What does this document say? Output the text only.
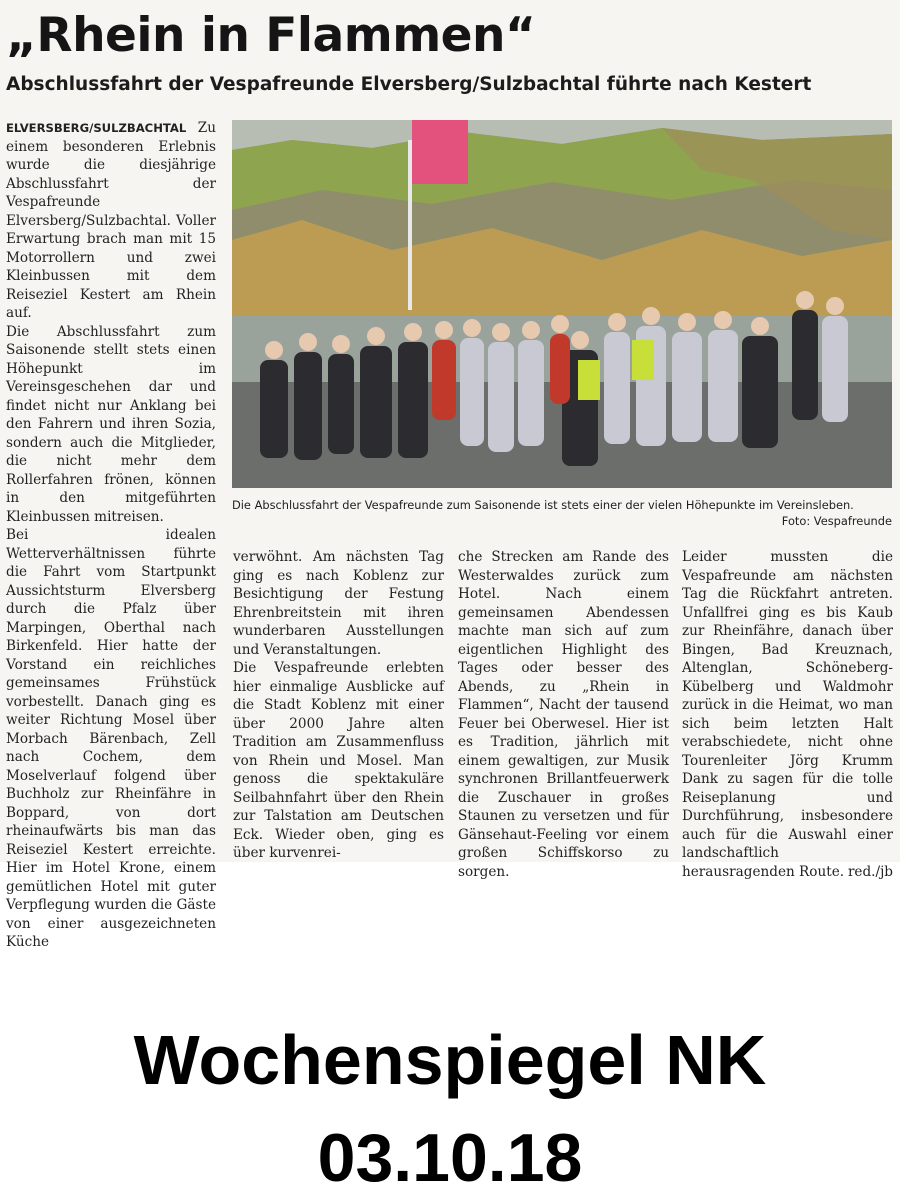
„Rhein in Flammen“
Abschlussfahrt der Vespafreunde Elversberg/Sulzbachtal führte nach Kestert

ELVERSBERG/SULZBACHTAL Zu einem besonderen Erlebnis wurde die diesjährige Abschlussfahrt der Vespafreunde Elversberg/Sulzbachtal. Voller Erwartung brach man mit 15 Motorrollern und zwei Kleinbussen mit dem Reiseziel Kestert am Rhein auf.

Die Abschlussfahrt zum Saisonende stellt stets einen Höhepunkt im Vereinsgeschehen dar und findet nicht nur Anklang bei den Fahrern und ihren Sozia, sondern auch die Mitglieder, die nicht mehr dem Rollerfahren frönen, können in den mitgeführten Kleinbussen mitreisen.

Bei idealen Wetterverhältnissen führte die Fahrt vom Startpunkt Aussichtsturm Elversberg durch die Pfalz über Marpingen, Oberthal nach Birkenfeld. Hier hatte der Vorstand ein reichliches gemeinsames Frühstück vorbestellt. Danach ging es weiter Richtung Mosel über Morbach Bärenbach, Zell nach Cochem, dem Moselverlauf folgend über Buchholz zur Rheinfähre in Boppard, von dort rheinaufwärts bis man das Reiseziel Kestert erreichte. Hier im Hotel Krone, einem gemütlichen Hotel mit guter Verpflegung wurden die Gäste von einer ausgezeichneten Küche

Die Abschlussfahrt der Vespafreunde zum Saisonende ist stets einer der vielen Höhepunkte im Vereinsleben.
Foto: Vespafreunde

verwöhnt. Am nächsten Tag ging es nach Koblenz zur Besichtigung der Festung Ehrenbreitstein mit ihren wunderbaren Ausstellungen und Veranstaltungen.

Die Vespafreunde erlebten hier einmalige Ausblicke auf die Stadt Koblenz mit einer über 2000 Jahre alten Tradition am Zusammenfluss von Rhein und Mosel. Man genoss die spektakuläre Seilbahnfahrt über den Rhein zur Talstation am Deutschen Eck. Wieder oben, ging es über kurvenrei-

che Strecken am Rande des Westerwaldes zurück zum Hotel. Nach einem gemeinsamen Abendessen machte man sich auf zum eigentlichen Highlight des Tages oder besser des Abends, zu „Rhein in Flammen“, Nacht der tausend Feuer bei Oberwesel. Hier ist es Tradition, jährlich mit einem gewaltigen, zur Musik synchronen Brillantfeuerwerk die Zuschauer in großes Staunen zu versetzen und für Gänsehaut-Feeling vor einem großen Schiffskorso zu sorgen.

Leider mussten die Vespafreunde am nächsten Tag die Rückfahrt antreten. Unfallfrei ging es bis Kaub zur Rheinfähre, danach über Bingen, Bad Kreuznach, Altenglan, Schöneberg-Kübelberg und Waldmohr zurück in die Heimat, wo man sich beim letzten Halt verabschiedete, nicht ohne Tourenleiter Jörg Krumm Dank zu sagen für die tolle Reiseplanung und Durchführung, insbesondere auch für die Auswahl einer landschaftlich herausragenden Route. red./jb

Wochenspiegel NK
03.10.18
